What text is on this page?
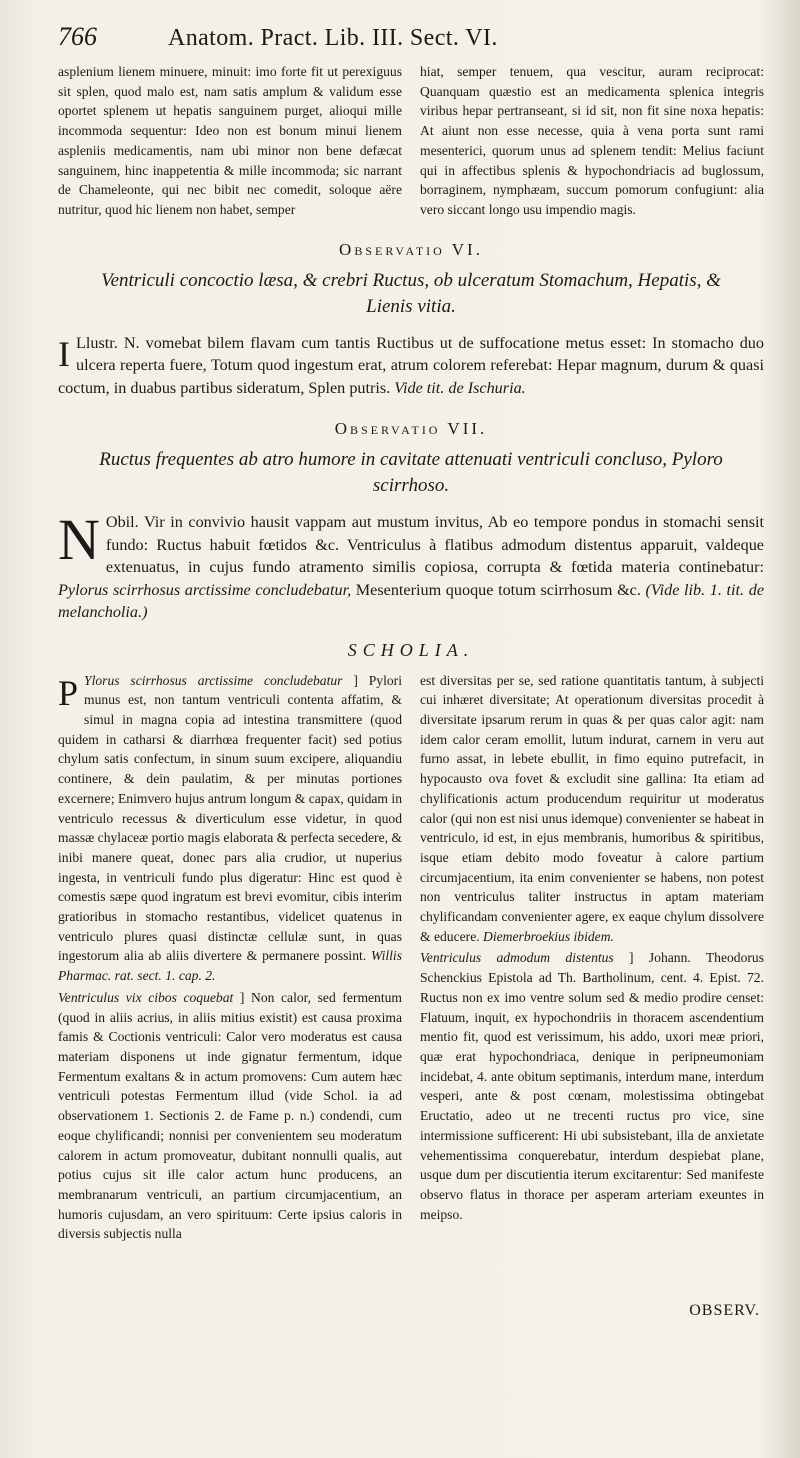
766	Anatom. Pract. Lib. III. Sect. VI.

asplenium lienem minuere, minuit: imo forte fit ut perexiguus sit splen, quod malo est, nam satis amplum & validum esse oportet splenem ut hepatis sanguinem purget, alioqui mille incommoda sequentur: Ideo non est bonum minui lienem aspleniis medicamentis, nam ubi minor non bene defæcat sanguinem, hinc inappetentia & mille incommoda; sic narrant de Chameleonte, qui nec bibit nec comedit, soloque aëre nutritur, quod hic lienem non habet, semper

hiat, semper tenuem, qua vescitur, auram reciprocat: Quanquam quæstio est an medicamenta splenica integris viribus hepar pertranseant, si id sit, non fit sine noxa hepatis: At aiunt non esse necesse, quia à vena porta sunt rami mesenterici, quorum unus ad splenem tendit: Melius faciunt qui in affectibus splenis & hypochondriacis ad buglossum, borraginem, nymphæam, succum pomorum confugiunt: alia vero siccant longo usu impendio magis.

Observatio VI.
Ventriculi concoctio læsa, & crebri Ructus, ob ulceratum Stomachum, Hepatis, & Lienis vitia.

I Llustr. N. vomebat bilem flavam cum tantis Ructibus ut de suffocatione metus esset: In stomacho duo ulcera reperta fuere, Totum quod ingestum erat, atrum colorem referebat: Hepar magnum, durum & quasi coctum, in duabus partibus sideratum, Splen putris. Vide tit. de Ischuria.

Observatio VII.
Ructus frequentes ab atro humore in cavitate attenuati ventriculi concluso, Pyloro scirrhoso.

N Obil. Vir in convivio hausit vappam aut mustum invitus, Ab eo tempore pondus in stomachi sensit fundo: Ructus habuit fœtidos &c. Ventriculus à flatibus admodum distentus apparuit, valdeque extenuatus, in cujus fundo atramento similis copiosa, corrupta & fœtida materia continebatur: Pylorus scirrhosus arctissime concludebatur, Mesenterium quoque totum scirrhosum &c. (Vide lib. 1. tit. de melancholia.)

SCHOLIA.

P Ylorus scirrhosus arctissime concludebatur ] Pylori munus est, non tantum ventriculi contenta affatim, & simul in magna copia ad intestina transmittere (quod quidem in catharsi & diarrhœa frequenter facit) sed potius chylum satis confectum, in sinum suum excipere, aliquandiu continere, & dein paulatim, & per minutas portiones excernere; Enimvero hujus antrum longum & capax, quidam in ventriculo recessus & diverticulum esse videtur, in quod massæ chylaceæ portio magis elaborata & perfecta secedere, & inibi manere queat, donec pars alia crudior, ut nuperius ingesta, in ventriculi fundo plus digeratur: Hinc est quod è comestis sæpe quod ingratum est brevi evomitur, cibis interim gratioribus in stomacho restantibus, videlicet quatenus in ventriculo plures quasi distinctæ cellulæ sunt, in quas ingestorum alia ab aliis divertere & permanere possint. Willis Pharmac. rat. sect. 1. cap. 2.

Ventriculus vix cibos coquebat ] Non calor, sed fermentum (quod in aliis acrius, in aliis mitius existit) est causa proxima famis & Coctionis ventriculi: Calor vero moderatus est causa materiam disponens ut inde gignatur fermentum, idque Fermentum exaltans & in actum promovens: Cum autem hæc ventriculi potestas Fermentum illud (vide Schol. ia ad observationem 1. Sectionis 2. de Fame p. n.) condendi, cum eoque chylificandi; nonnisi per convenientem seu moderatum calorem in actum promoveatur, dubitant nonnulli qualis, aut potius cujus sit ille calor actum hunc producens, an membranarum ventriculi, an partium circumjacentium, an humoris cujusdam, an vero spirituum: Certe ipsius caloris in diversis subjectis nulla

est diversitas per se, sed ratione quantitatis tantum, à subjecti cui inhæret diversitate; At operationum diversitas procedit à diversitate ipsarum rerum in quas & per quas calor agit: nam idem calor ceram emollit, lutum indurat, carnem in veru aut furno assat, in lebete ebullit, in fimo equino putrefacit, in hypocausto ova fovet & excludit sine gallina: Ita etiam ad chylificationis actum producendum requiritur ut moderatus calor (qui non est nisi unus idemque) convenienter se habeat in ventriculo, id est, in ejus membranis, humoribus & spiritibus, isque etiam debito modo foveatur à calore partium circumjacentium, ita enim convenienter se habens, non potest non ventriculus taliter instructus in aptam materiam chylificandam convenienter agere, ex eaque chylum dissolvere & educere. Diemerbroekius ibidem.

Ventriculus admodum distentus ] Johann. Theodorus Schenckius Epistola ad Th. Bartholinum, cent. 4. Epist. 72. Ructus non ex imo ventre solum sed & medio prodire censet: Flatuum, inquit, ex hypochondriis in thoracem ascendentium mentio fit, quod est verissimum, his addo, uxori meæ priori, quæ erat hypochondriaca, denique in peripneumoniam incidebat, 4. ante obitum septimanis, interdum mane, interdum vesperi, ante & post cœnam, molestissima obtingebat Eructatio, adeo ut ne trecenti ructus pro vice, sine intermissione sufficerent: Hi ubi subsistebant, illa de anxietate vehementissima conquerebatur, interdum despiebat plane, usque dum per discutientia iterum excitarentur: Sed manifeste observo flatus in thorace per asperam arteriam exeuntes in meipso.

OBSERV.
